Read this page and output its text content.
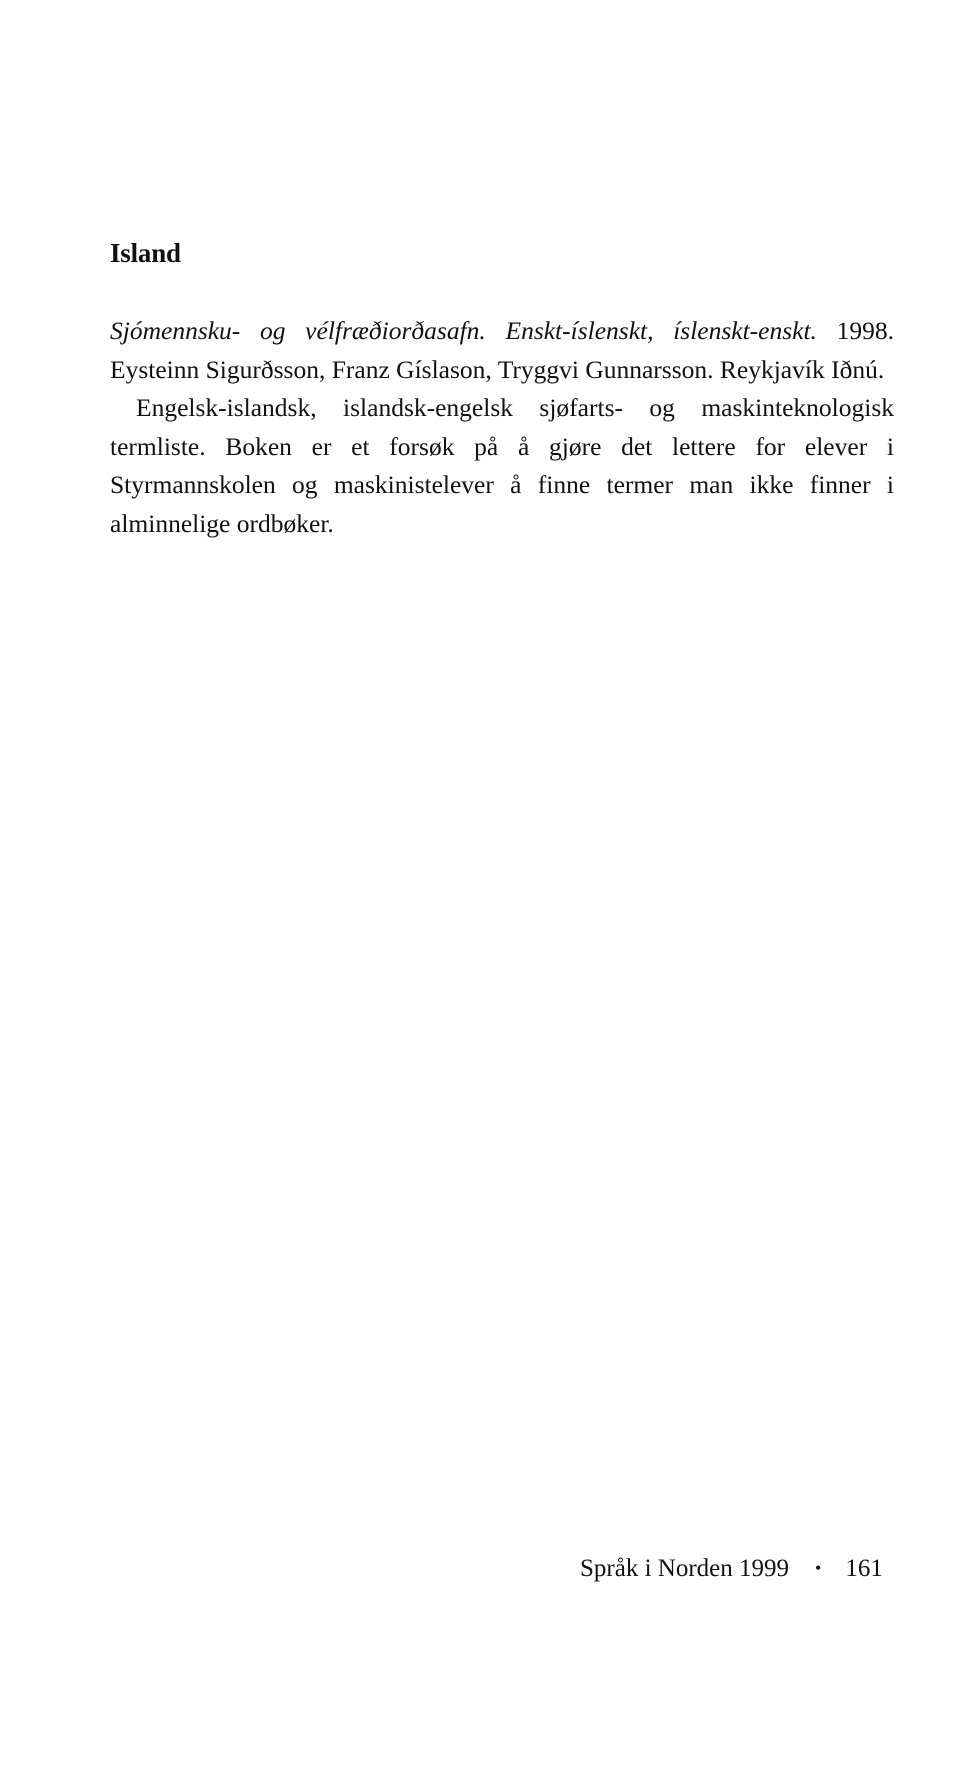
Island

Sjómennsku- og vélfræðiorðasafn. Enskt-íslenskt, íslenskt-enskt. 1998. Eysteinn Sigurðsson, Franz Gíslason, Tryggvi Gunnarsson. Reykjavík Iðnú.

Engelsk-islandsk, islandsk-engelsk sjøfarts- og maskinteknologisk termliste. Boken er et forsøk på å gjøre det lettere for elever i Styrmannskolen og maskinistelever å finne termer man ikke finner i alminnelige ordbøker.

Språk i Norden 1999 • 161
